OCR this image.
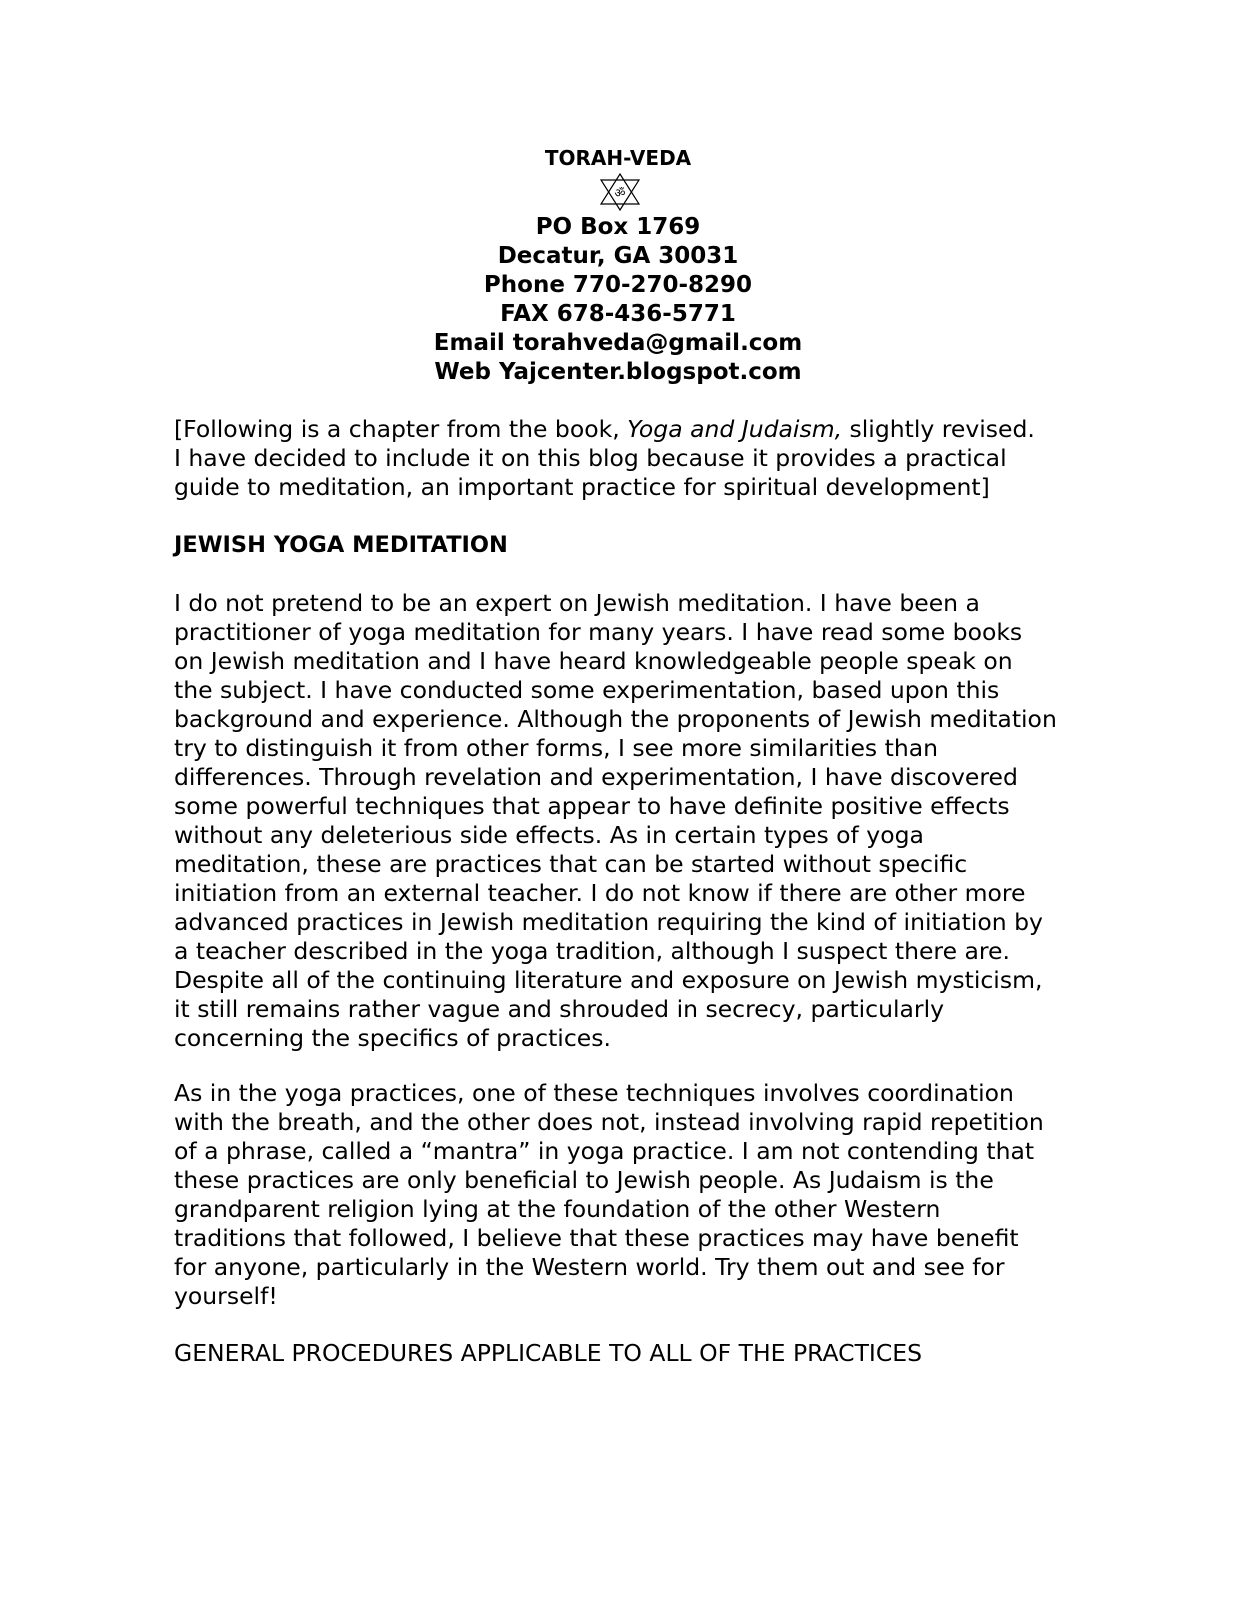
TORAH-VEDA
ॐ
PO Box 1769
Decatur, GA 30031
Phone 770-270-8290
FAX 678-436-5771
Email torahveda@gmail.com
Web Yajcenter.blogspot.com
[Following is a chapter from the book, Yoga and Judaism, slightly revised.
I have decided to include it on this blog because it provides a practical
guide to meditation, an important practice for spiritual development]
JEWISH YOGA MEDITATION
I do not pretend to be an expert on Jewish meditation. I have been a
practitioner of yoga meditation for many years. I have read some books
on Jewish meditation and I have heard knowledgeable people speak on
the subject. I have conducted some experimentation, based upon this
background and experience. Although the proponents of Jewish meditation
try to distinguish it from other forms, I see more similarities than
differences. Through revelation and experimentation, I have discovered
some powerful techniques that appear to have definite positive effects
without any deleterious side effects. As in certain types of yoga
meditation, these are practices that can be started without specific
initiation from an external teacher. I do not know if there are other more
advanced practices in Jewish meditation requiring the kind of initiation by
a teacher described in the yoga tradition, although I suspect there are.
Despite all of the continuing literature and exposure on Jewish mysticism,
it still remains rather vague and shrouded in secrecy, particularly
concerning the specifics of practices.
As in the yoga practices, one of these techniques involves coordination
with the breath, and the other does not, instead involving rapid repetition
of a phrase, called a “mantra” in yoga practice. I am not contending that
these practices are only beneficial to Jewish people. As Judaism is the
grandparent religion lying at the foundation of the other Western
traditions that followed, I believe that these practices may have benefit
for anyone, particularly in the Western world. Try them out and see for
yourself!
GENERAL PROCEDURES APPLICABLE TO ALL OF THE PRACTICES
